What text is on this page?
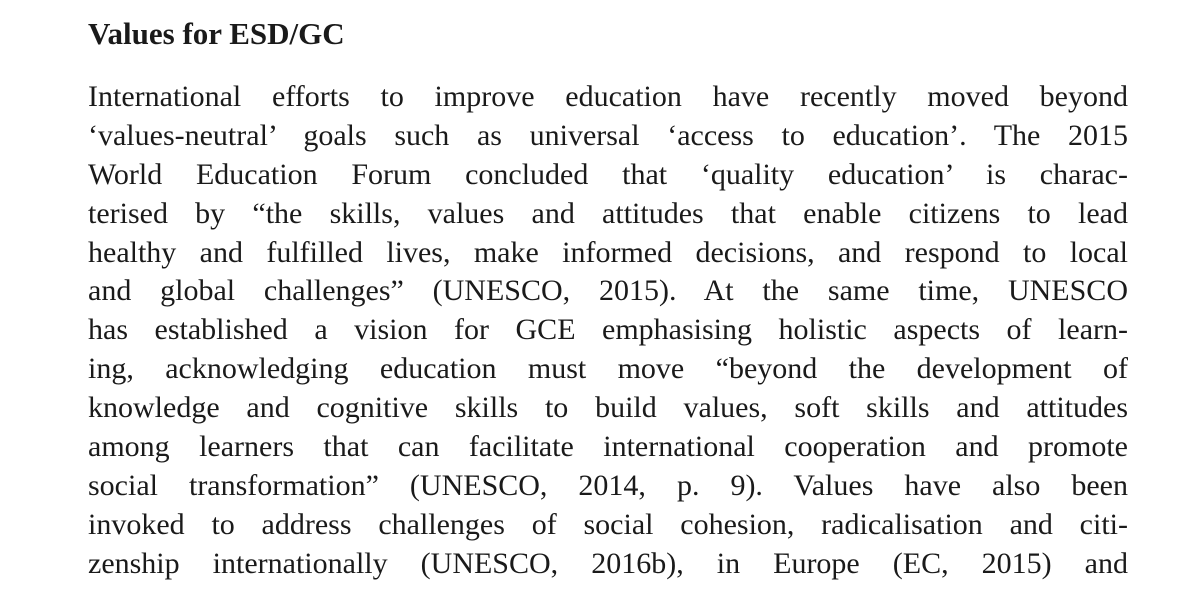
Values for ESD/GC
International efforts to improve education have recently moved beyond
‘values-neutral’ goals such as universal ‘access to education’. The 2015
World Education Forum concluded that ‘quality education’ is charac-
terised by “the skills, values and attitudes that enable citizens to lead
healthy and fulfilled lives, make informed decisions, and respond to local
and global challenges” (UNESCO, 2015). At the same time, UNESCO
has established a vision for GCE emphasising holistic aspects of learn-
ing, acknowledging education must move “beyond the development of
knowledge and cognitive skills to build values, soft skills and attitudes
among learners that can facilitate international cooperation and promote
social transformation” (UNESCO, 2014, p. 9). Values have also been
invoked to address challenges of social cohesion, radicalisation and citi-
zenship internationally (UNESCO, 2016b), in Europe (EC, 2015) and
